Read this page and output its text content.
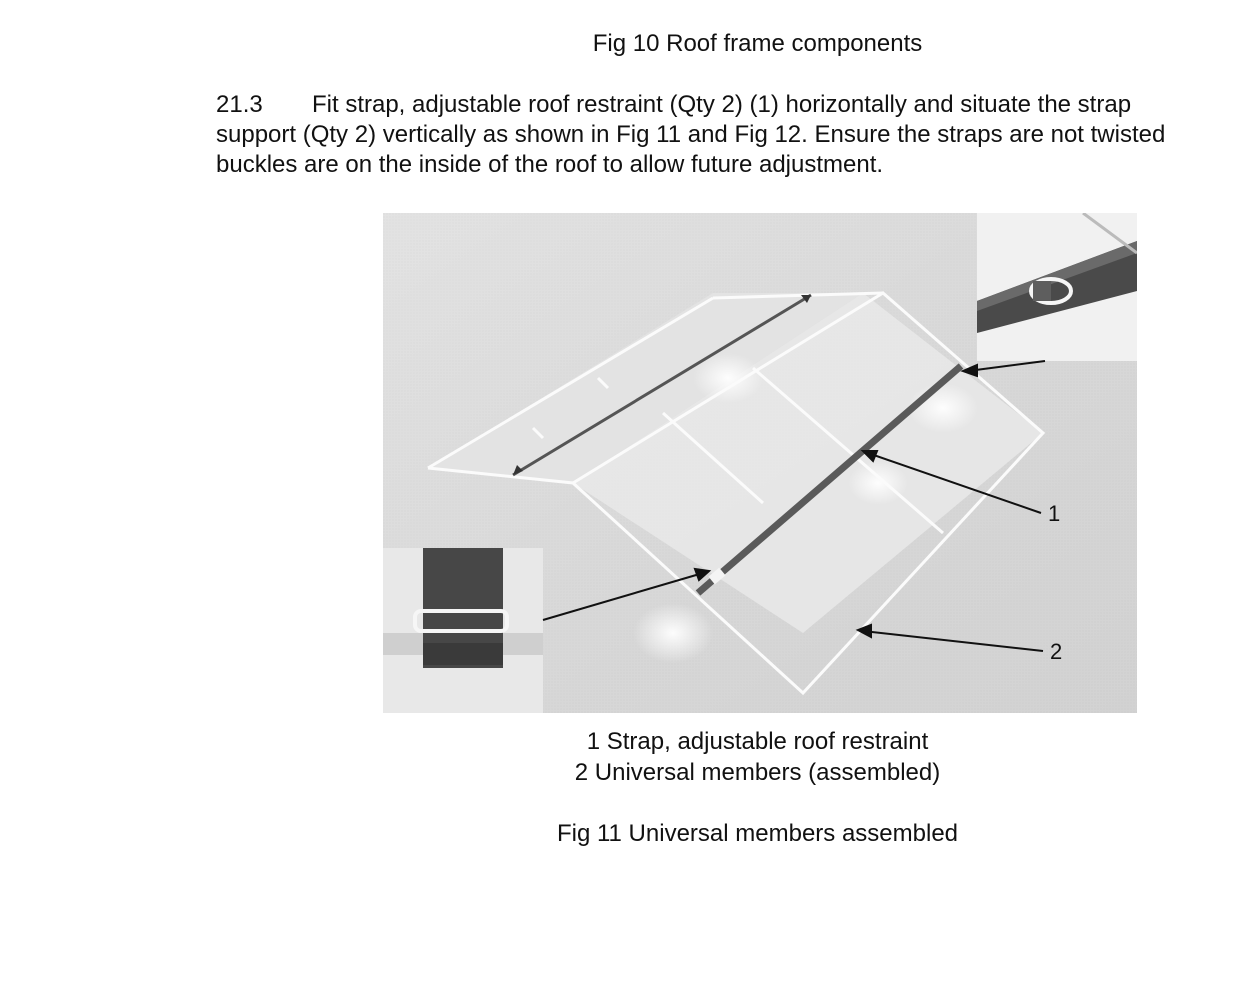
Fig 10 Roof frame components
21.3 Fit strap, adjustable roof restraint (Qty 2) (1) horizontally and situate the strap
support (Qty 2) vertically as shown in Fig 11 and Fig 12. Ensure the straps are not twisted
buckles are on the inside of the roof to allow future adjustment.
1
2
1 Strap, adjustable roof restraint
2 Universal members (assembled)
Fig 11 Universal members assembled
